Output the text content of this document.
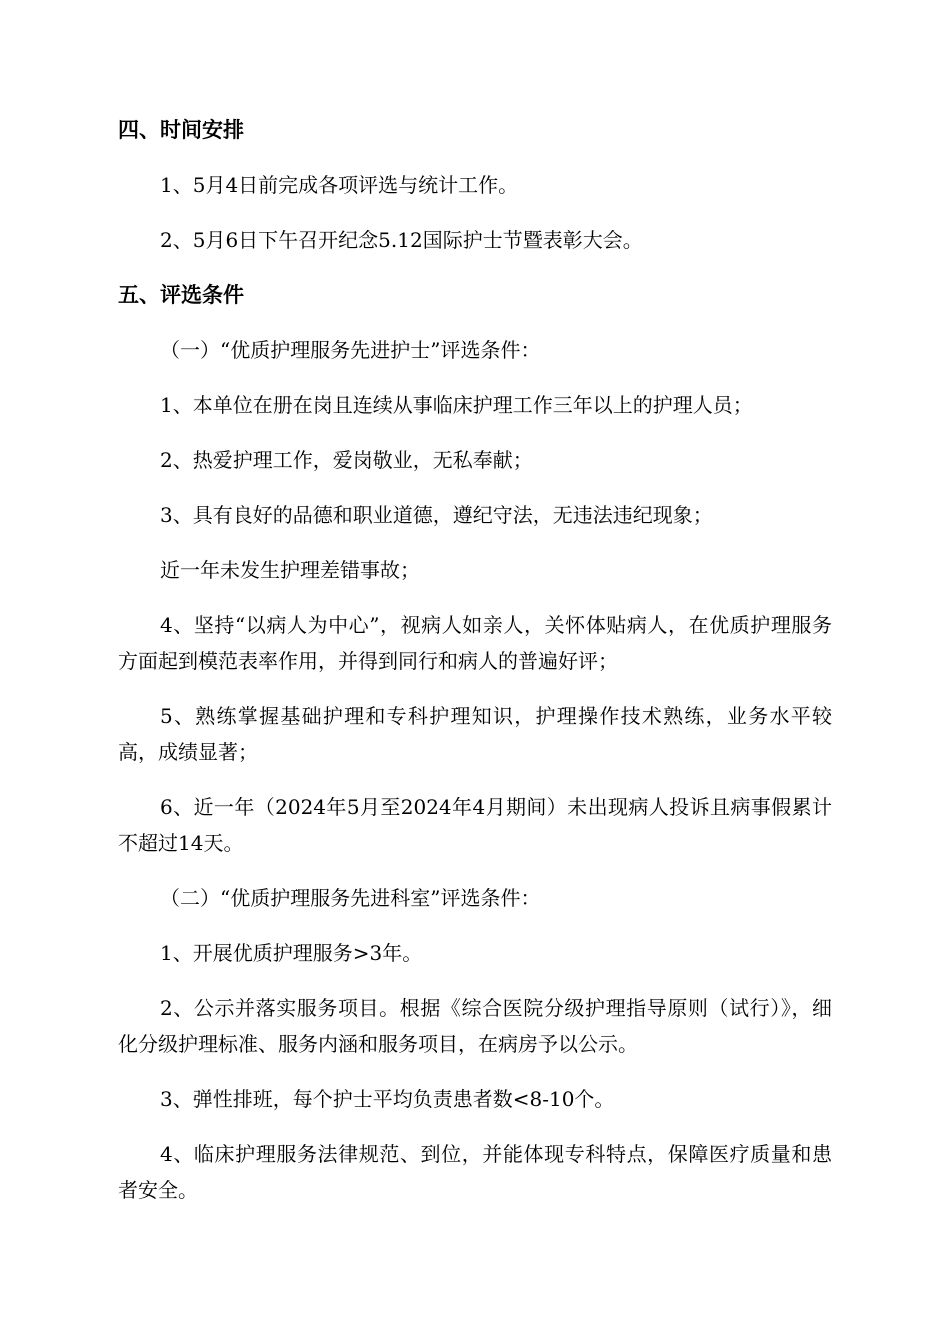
四、时间安排

1、5月4日前完成各项评选与统计工作。

2、5月6日下午召开纪念5.12国际护士节暨表彰大会。

五、评选条件

（一）“优质护理服务先进护士”评选条件：

1、本单位在册在岗且连续从事临床护理工作三年以上的护理人员；

2、热爱护理工作，爱岗敬业，无私奉献；

3、具有良好的品德和职业道德，遵纪守法，无违法违纪现象；

近一年未发生护理差错事故；

4、坚持“以病人为中心”，视病人如亲人，关怀体贴病人，在优质护理服务方面起到模范表率作用，并得到同行和病人的普遍好评；

5、熟练掌握基础护理和专科护理知识，护理操作技术熟练，业务水平较高，成绩显著；

6、近一年（2024年5月至2024年4月期间）未出现病人投诉且病事假累计不超过14天。

（二）“优质护理服务先进科室”评选条件：

1、开展优质护理服务>3年。

2、公示并落实服务项目。根据《综合医院分级护理指导原则（试行）》，细化分级护理标准、服务内涵和服务项目，在病房予以公示。

3、弹性排班，每个护士平均负责患者数<8-10个。

4、临床护理服务法律规范、到位，并能体现专科特点，保障医疗质量和患者安全。
